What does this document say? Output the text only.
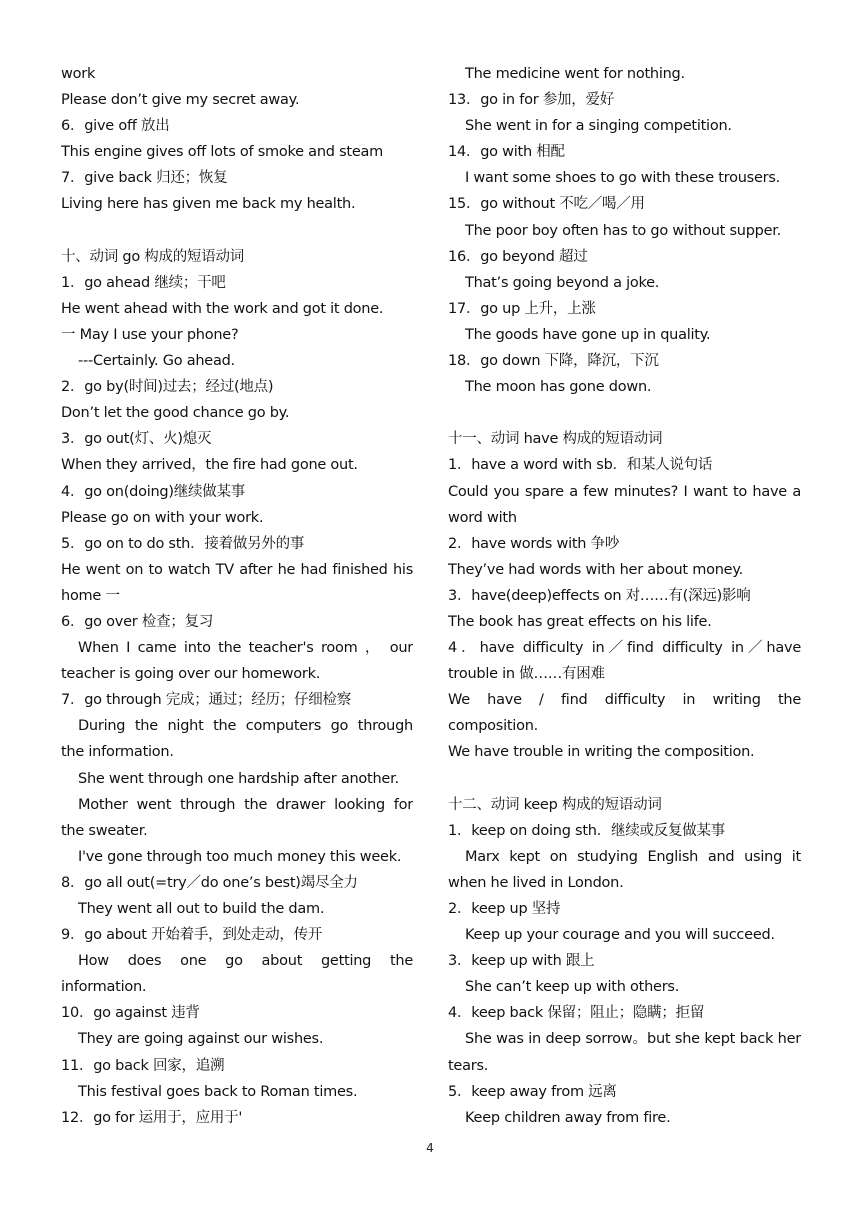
work
Please don’t give my secret away.
6．give off 放出
This engine gives off lots of smoke and steam
7．give back 归还；恢复
Living here has given me back my health.
十、动词 go 构成的短语动词
1．go ahead 继续；干吧
He went ahead with the work and got it done.
一 May I use your phone?
---Certainly. Go ahead.
2．go by(时间)过去；经过(地点)
Don’t let the good chance go by.
3．go out(灯、火)熄灭
When they arrived，the fire had gone out.
4．go on(doing)继续做某事
Please go on with your work.
5．go on to do sth．接着做另外的事
He went on to watch TV after he had finished his
home 一
6．go over 检查；复习
When I came into the teacher's room ， our
teacher is going over our homework.
7．go through 完成；通过；经历；仔细检察
During the night the computers go through
the information.
She went through one hardship after another.
Mother went through the drawer looking for
the sweater.
I've gone through too much money this week.
8．go all out(=try／do one’s best)竭尽全力
They went all out to build the dam.
9．go about 开始着手，到处走动，传开
How does one go about getting the
information.
10．go against 违背
They are going against our wishes.
11．go back 回家，追溯
This festival goes back to Roman times.
12．go for 运用于，应用于'
The medicine went for nothing.
13．go in for 参加，爱好
She went in for a singing competition.
14．go with 相配
I want some shoes to go with these trousers.
15．go without 不吃／喝／用
The poor boy often has to go without supper.
16．go beyond 超过
That’s going beyond a joke.
17．go up 上升，上涨
The goods have gone up in quality.
18．go down 下降，降沉，下沉
The moon has gone down.
十一、动词 have 构成的短语动词
1．have a word with sb．和某人说句话
Could you spare a few minutes? I want to have a
word with
2．have words with 争吵
They’ve had words with her about money.
3．have(deep)effects on 对……有(深远)影响
The book has great effects on his life.
4．have difficulty in／find difficulty in／have
trouble in 做……有困难
We have / find difficulty in writing the
composition.
We have trouble in writing the composition.
十二、动词 keep 构成的短语动词
1．keep on doing sth．继续或反复做某事
Marx kept on studying English and using it
when he lived in London.
2．keep up 坚持
Keep up your courage and you will succeed.
3．keep up with 跟上
She can’t keep up with others.
4．keep back 保留；阻止；隐瞒；拒留
She was in deep sorrow。but she kept back her
tears.
5．keep away from 远离
Keep children away from fire.
4
